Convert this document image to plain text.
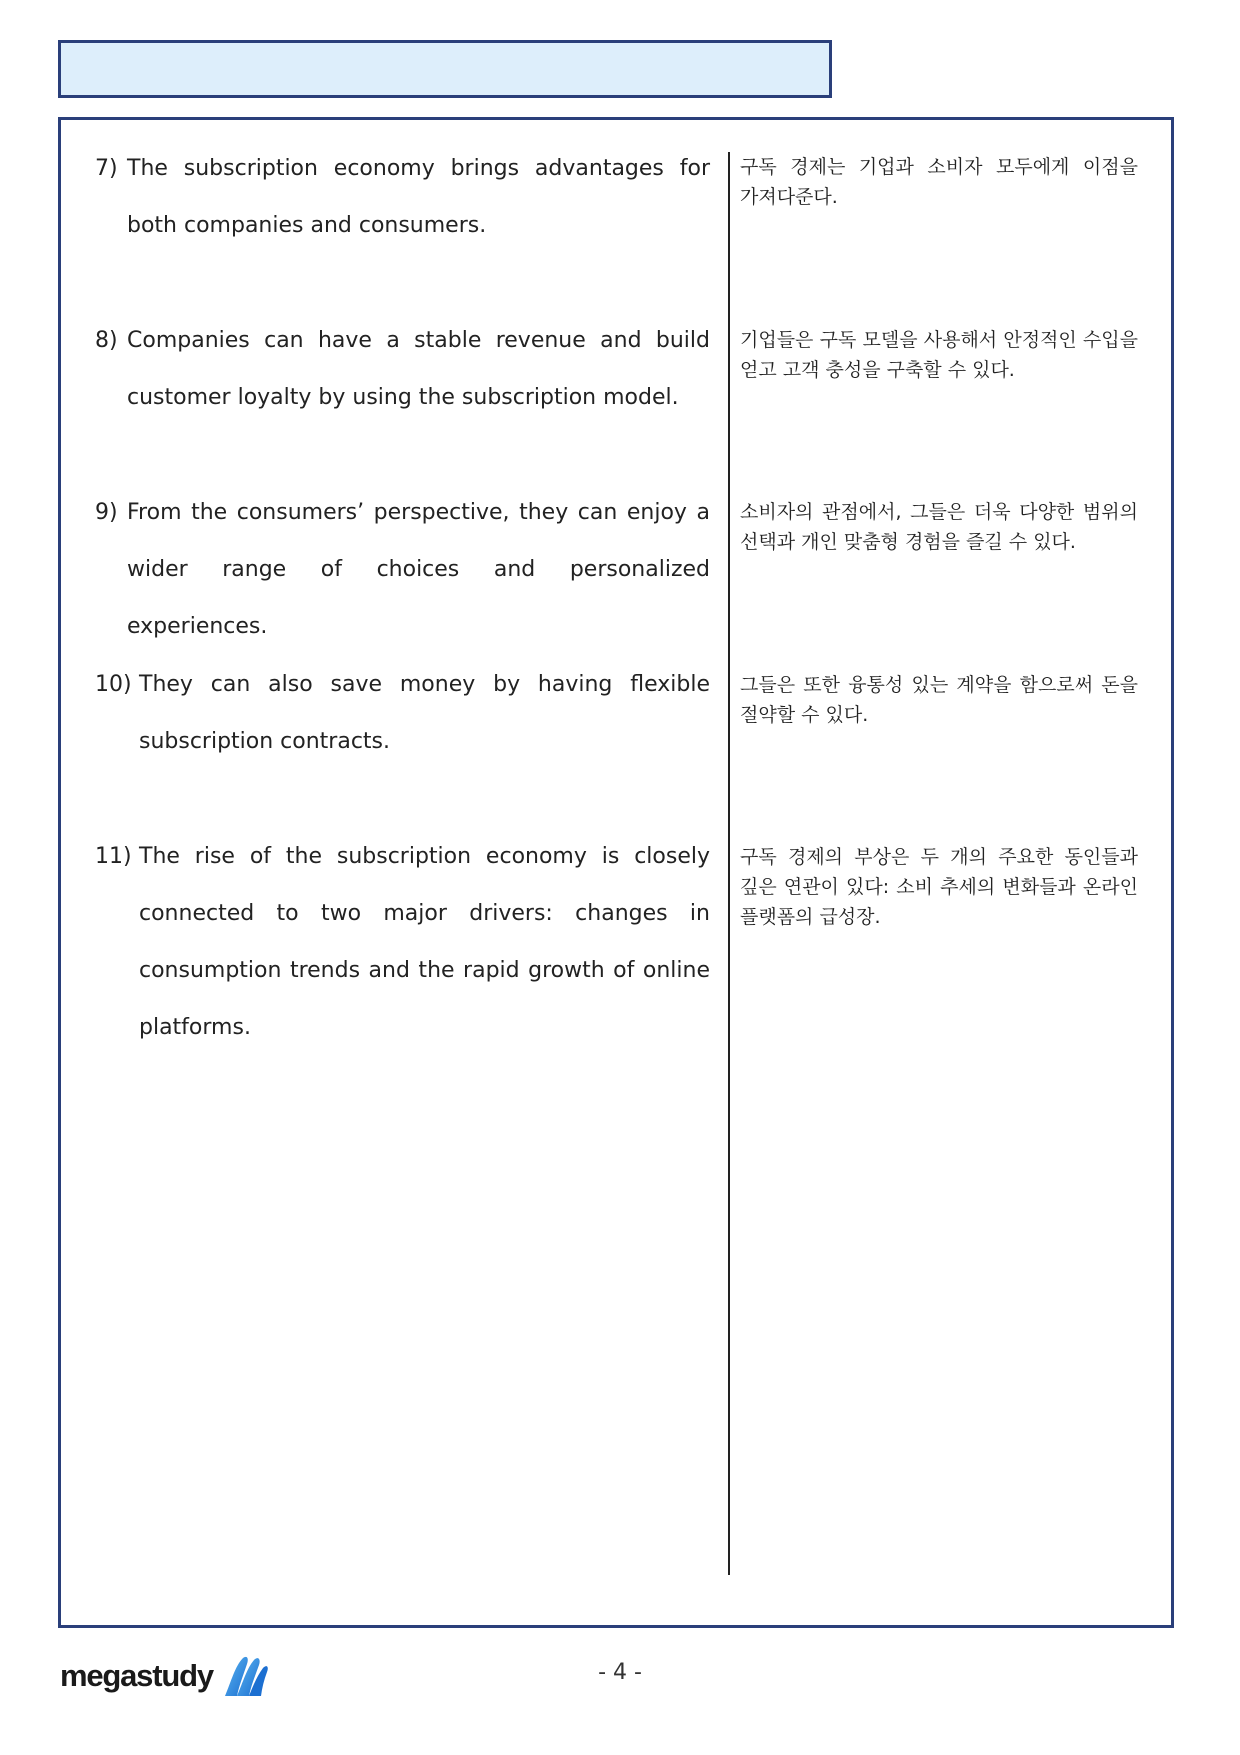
7) The subscription economy brings advantages for both companies and consumers.
구독 경제는 기업과 소비자 모두에게 이점을 가져다준다.
8) Companies can have a stable revenue and build customer loyalty by using the subscription model.
기업들은 구독 모델을 사용해서 안정적인 수입을 얻고 고객 충성을 구축할 수 있다.
9) From the consumers’ perspective, they can enjoy a wider range of choices and personalized experiences.
소비자의 관점에서, 그들은 더욱 다양한 범위의 선택과 개인 맞춤형 경험을 즐길 수 있다.
10) They can also save money by having flexible subscription contracts.
그들은 또한 융통성 있는 계약을 함으로써 돈을 절약할 수 있다.
11) The rise of the subscription economy is closely connected to two major drivers: changes in consumption trends and the rapid growth of online platforms.
구독 경제의 부상은 두 개의 주요한 동인들과 깊은 연관이 있다: 소비 추세의 변화들과 온라인 플랫폼의 급성장.
megastudy	- 4 -
